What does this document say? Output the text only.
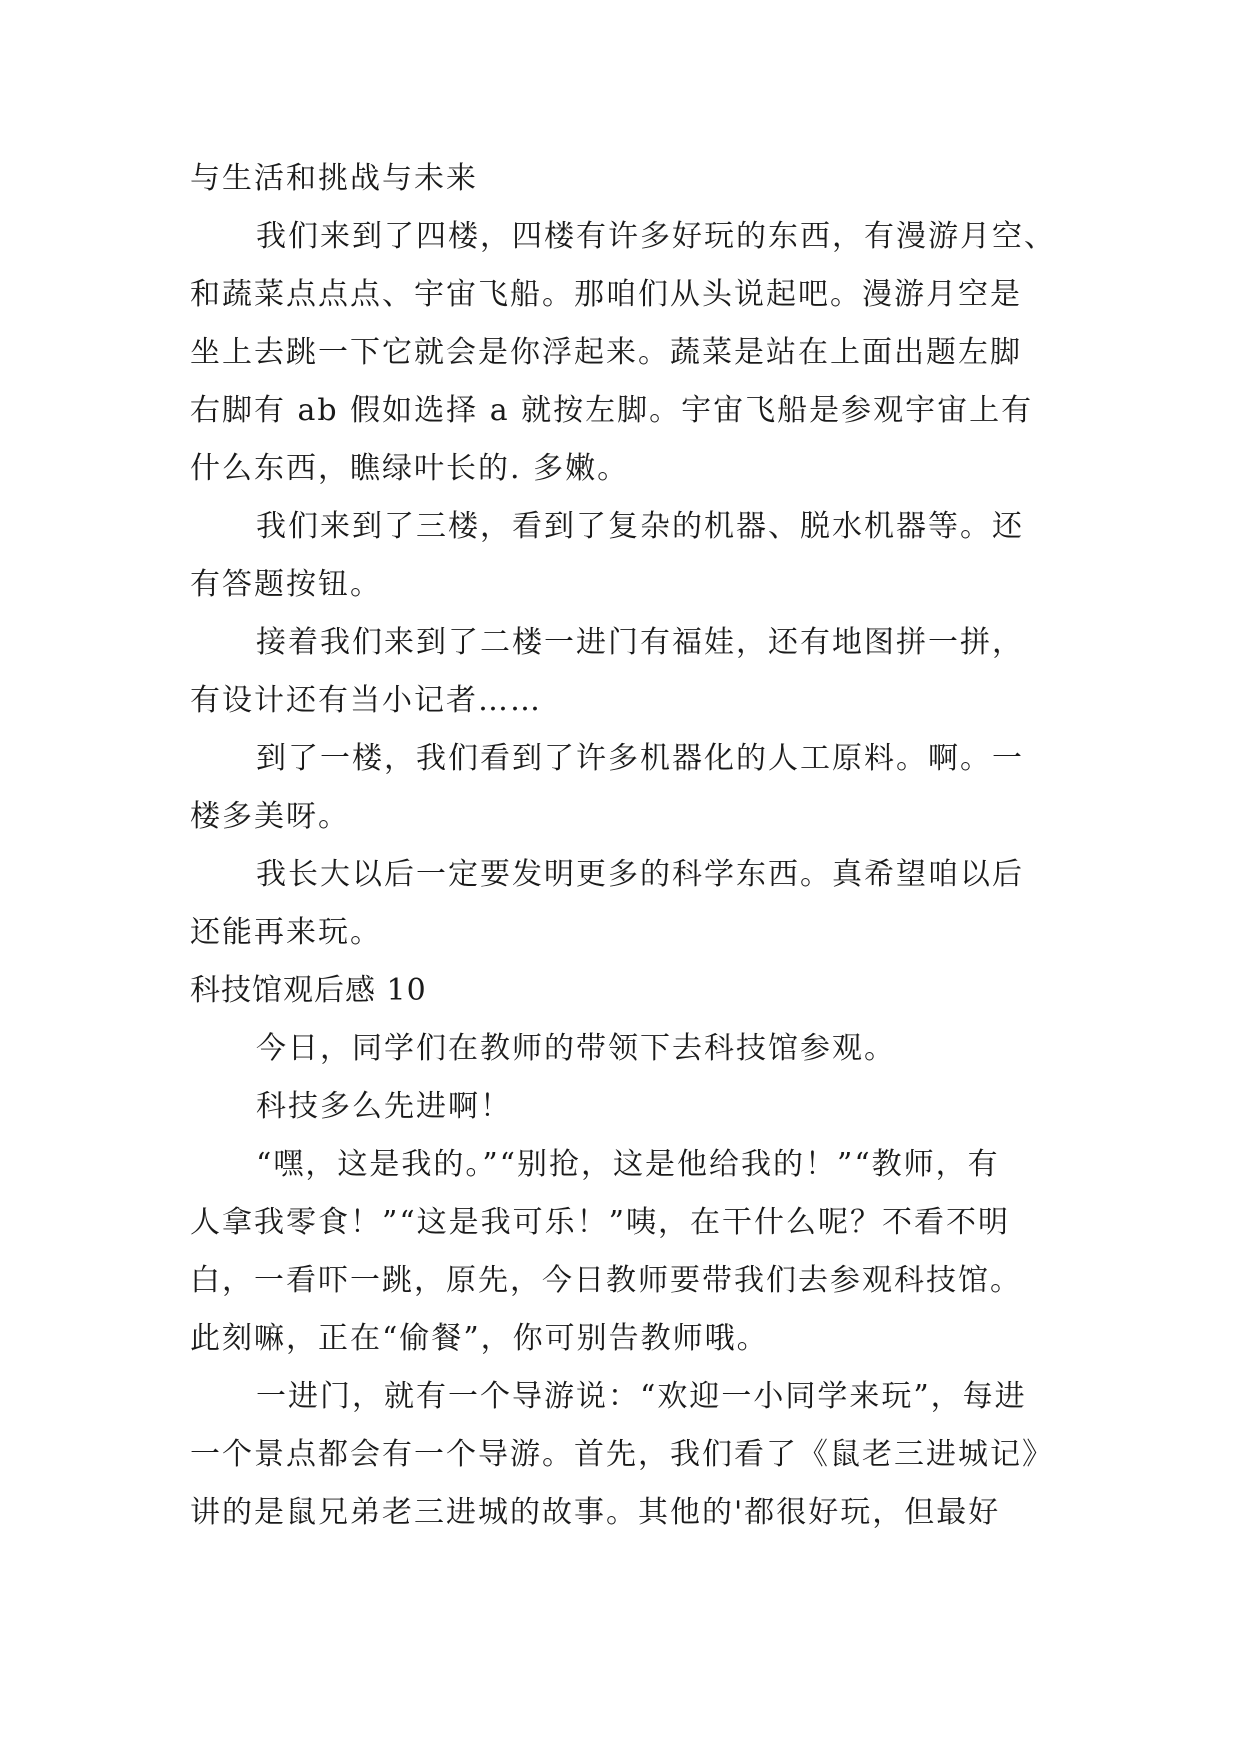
与生活和挑战与未来
我们来到了四楼，四楼有许多好玩的东西，有漫游月空、
和蔬菜点点点、宇宙飞船。那咱们从头说起吧。漫游月空是
坐上去跳一下它就会是你浮起来。蔬菜是站在上面出题左脚
右脚有 ab 假如选择 a 就按左脚。宇宙飞船是参观宇宙上有
什么东西，瞧绿叶长的. 多嫩。
我们来到了三楼，看到了复杂的机器、脱水机器等。还
有答题按钮。
接着我们来到了二楼一进门有福娃，还有地图拼一拼，
有设计还有当小记者……
到了一楼，我们看到了许多机器化的人工原料。啊。一
楼多美呀。
我长大以后一定要发明更多的科学东西。真希望咱以后
还能再来玩。
科技馆观后感 10
今日，同学们在教师的带领下去科技馆参观。
科技多么先进啊！
“嘿，这是我的。”“别抢，这是他给我的！”“教师，有
人拿我零食！”“这是我可乐！”咦，在干什么呢？不看不明
白，一看吓一跳，原先，今日教师要带我们去参观科技馆。
此刻嘛，正在“偷餐”，你可别告教师哦。
一进门，就有一个导游说：“欢迎一小同学来玩”，每进
一个景点都会有一个导游。首先，我们看了《鼠老三进城记》
讲的是鼠兄弟老三进城的故事。其他的'都很好玩，但最好
